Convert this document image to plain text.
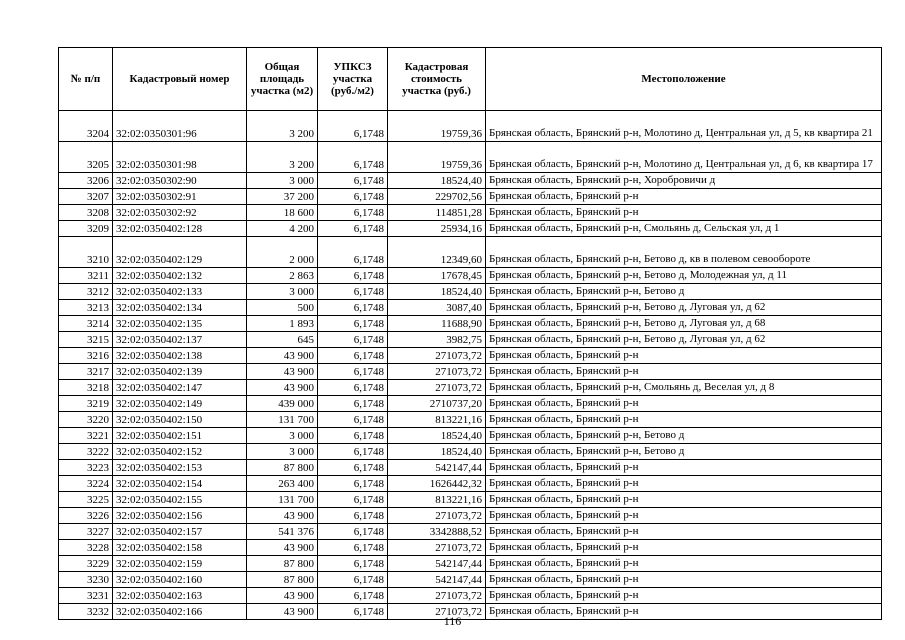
№ п/п	Кадастровый номер	Общая площадь участка (м2)	УПКСЗ участка (руб./м2)	Кадастровая стоимость участка (руб.)	Местоположение
3204	32:02:0350301:96	3 200	6,1748	19759,36	Брянская область, Брянский р-н, Молотино д, Центральная ул, д 5, кв квартира 21
3205	32:02:0350301:98	3 200	6,1748	19759,36	Брянская область, Брянский р-н, Молотино д, Центральная ул, д 6, кв квартира 17
3206	32:02:0350302:90	3 000	6,1748	18524,40	Брянская область, Брянский р-н, Хоробровичи д
3207	32:02:0350302:91	37 200	6,1748	229702,56	Брянская область, Брянский р-н
3208	32:02:0350302:92	18 600	6,1748	114851,28	Брянская область, Брянский р-н
3209	32:02:0350402:128	4 200	6,1748	25934,16	Брянская область, Брянский р-н, Смольянь д, Сельская ул, д 1
3210	32:02:0350402:129	2 000	6,1748	12349,60	Брянская область, Брянский р-н, Бетово д, кв в полевом севообороте
3211	32:02:0350402:132	2 863	6,1748	17678,45	Брянская область, Брянский р-н, Бетово д, Молодежная ул, д 11
3212	32:02:0350402:133	3 000	6,1748	18524,40	Брянская область, Брянский р-н, Бетово д
3213	32:02:0350402:134	500	6,1748	3087,40	Брянская область, Брянский р-н, Бетово д, Луговая ул, д 62
3214	32:02:0350402:135	1 893	6,1748	11688,90	Брянская область, Брянский р-н, Бетово д, Луговая ул, д 68
3215	32:02:0350402:137	645	6,1748	3982,75	Брянская область, Брянский р-н, Бетово д, Луговая ул, д 62
3216	32:02:0350402:138	43 900	6,1748	271073,72	Брянская область, Брянский р-н
3217	32:02:0350402:139	43 900	6,1748	271073,72	Брянская область, Брянский р-н
3218	32:02:0350402:147	43 900	6,1748	271073,72	Брянская область, Брянский р-н, Смольянь д, Веселая ул, д 8
3219	32:02:0350402:149	439 000	6,1748	2710737,20	Брянская область, Брянский р-н
3220	32:02:0350402:150	131 700	6,1748	813221,16	Брянская область, Брянский р-н
3221	32:02:0350402:151	3 000	6,1748	18524,40	Брянская область, Брянский р-н, Бетово д
3222	32:02:0350402:152	3 000	6,1748	18524,40	Брянская область, Брянский р-н, Бетово д
3223	32:02:0350402:153	87 800	6,1748	542147,44	Брянская область, Брянский р-н
3224	32:02:0350402:154	263 400	6,1748	1626442,32	Брянская область, Брянский р-н
3225	32:02:0350402:155	131 700	6,1748	813221,16	Брянская область, Брянский р-н
3226	32:02:0350402:156	43 900	6,1748	271073,72	Брянская область, Брянский р-н
3227	32:02:0350402:157	541 376	6,1748	3342888,52	Брянская область, Брянский р-н
3228	32:02:0350402:158	43 900	6,1748	271073,72	Брянская область, Брянский р-н
3229	32:02:0350402:159	87 800	6,1748	542147,44	Брянская область, Брянский р-н
3230	32:02:0350402:160	87 800	6,1748	542147,44	Брянская область, Брянский р-н
3231	32:02:0350402:163	43 900	6,1748	271073,72	Брянская область, Брянский р-н
3232	32:02:0350402:166	43 900	6,1748	271073,72	Брянская область, Брянский р-н
116
